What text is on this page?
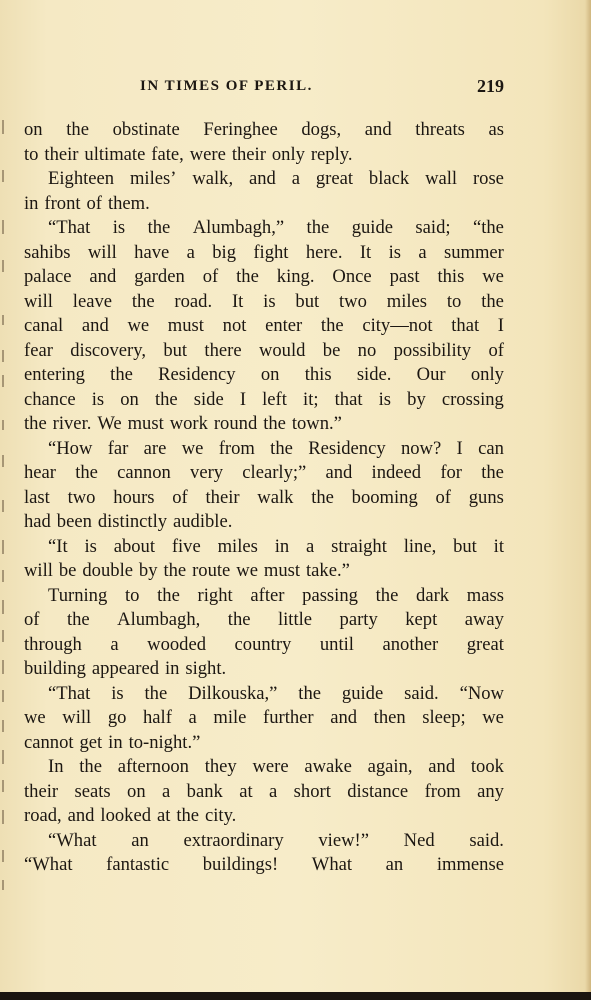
IN TIMES OF PERIL.	219
on the obstinate Feringhee dogs, and threats as
to their ultimate fate, were their only reply.
Eighteen miles’ walk, and a great black wall rose
in front of them.
“That is the Alumbagh,” the guide said; “the
sahibs will have a big fight here. It is a summer
palace and garden of the king. Once past this we
will leave the road. It is but two miles to the
canal and we must not enter the city—not that I
fear discovery, but there would be no possibility of
entering the Residency on this side. Our only
chance is on the side I left it; that is by crossing
the river. We must work round the town.”
“How far are we from the Residency now? I can
hear the cannon very clearly;” and indeed for the
last two hours of their walk the booming of guns
had been distinctly audible.
“It is about five miles in a straight line, but it
will be double by the route we must take.”
Turning to the right after passing the dark mass
of the Alumbagh, the little party kept away
through a wooded country until another great
building appeared in sight.
“That is the Dilkouska,” the guide said. “Now
we will go half a mile further and then sleep; we
cannot get in to-night.”
In the afternoon they were awake again, and took
their seats on a bank at a short distance from any
road, and looked at the city.
“What an extraordinary view!” Ned said.
“What fantastic buildings! What an immense
